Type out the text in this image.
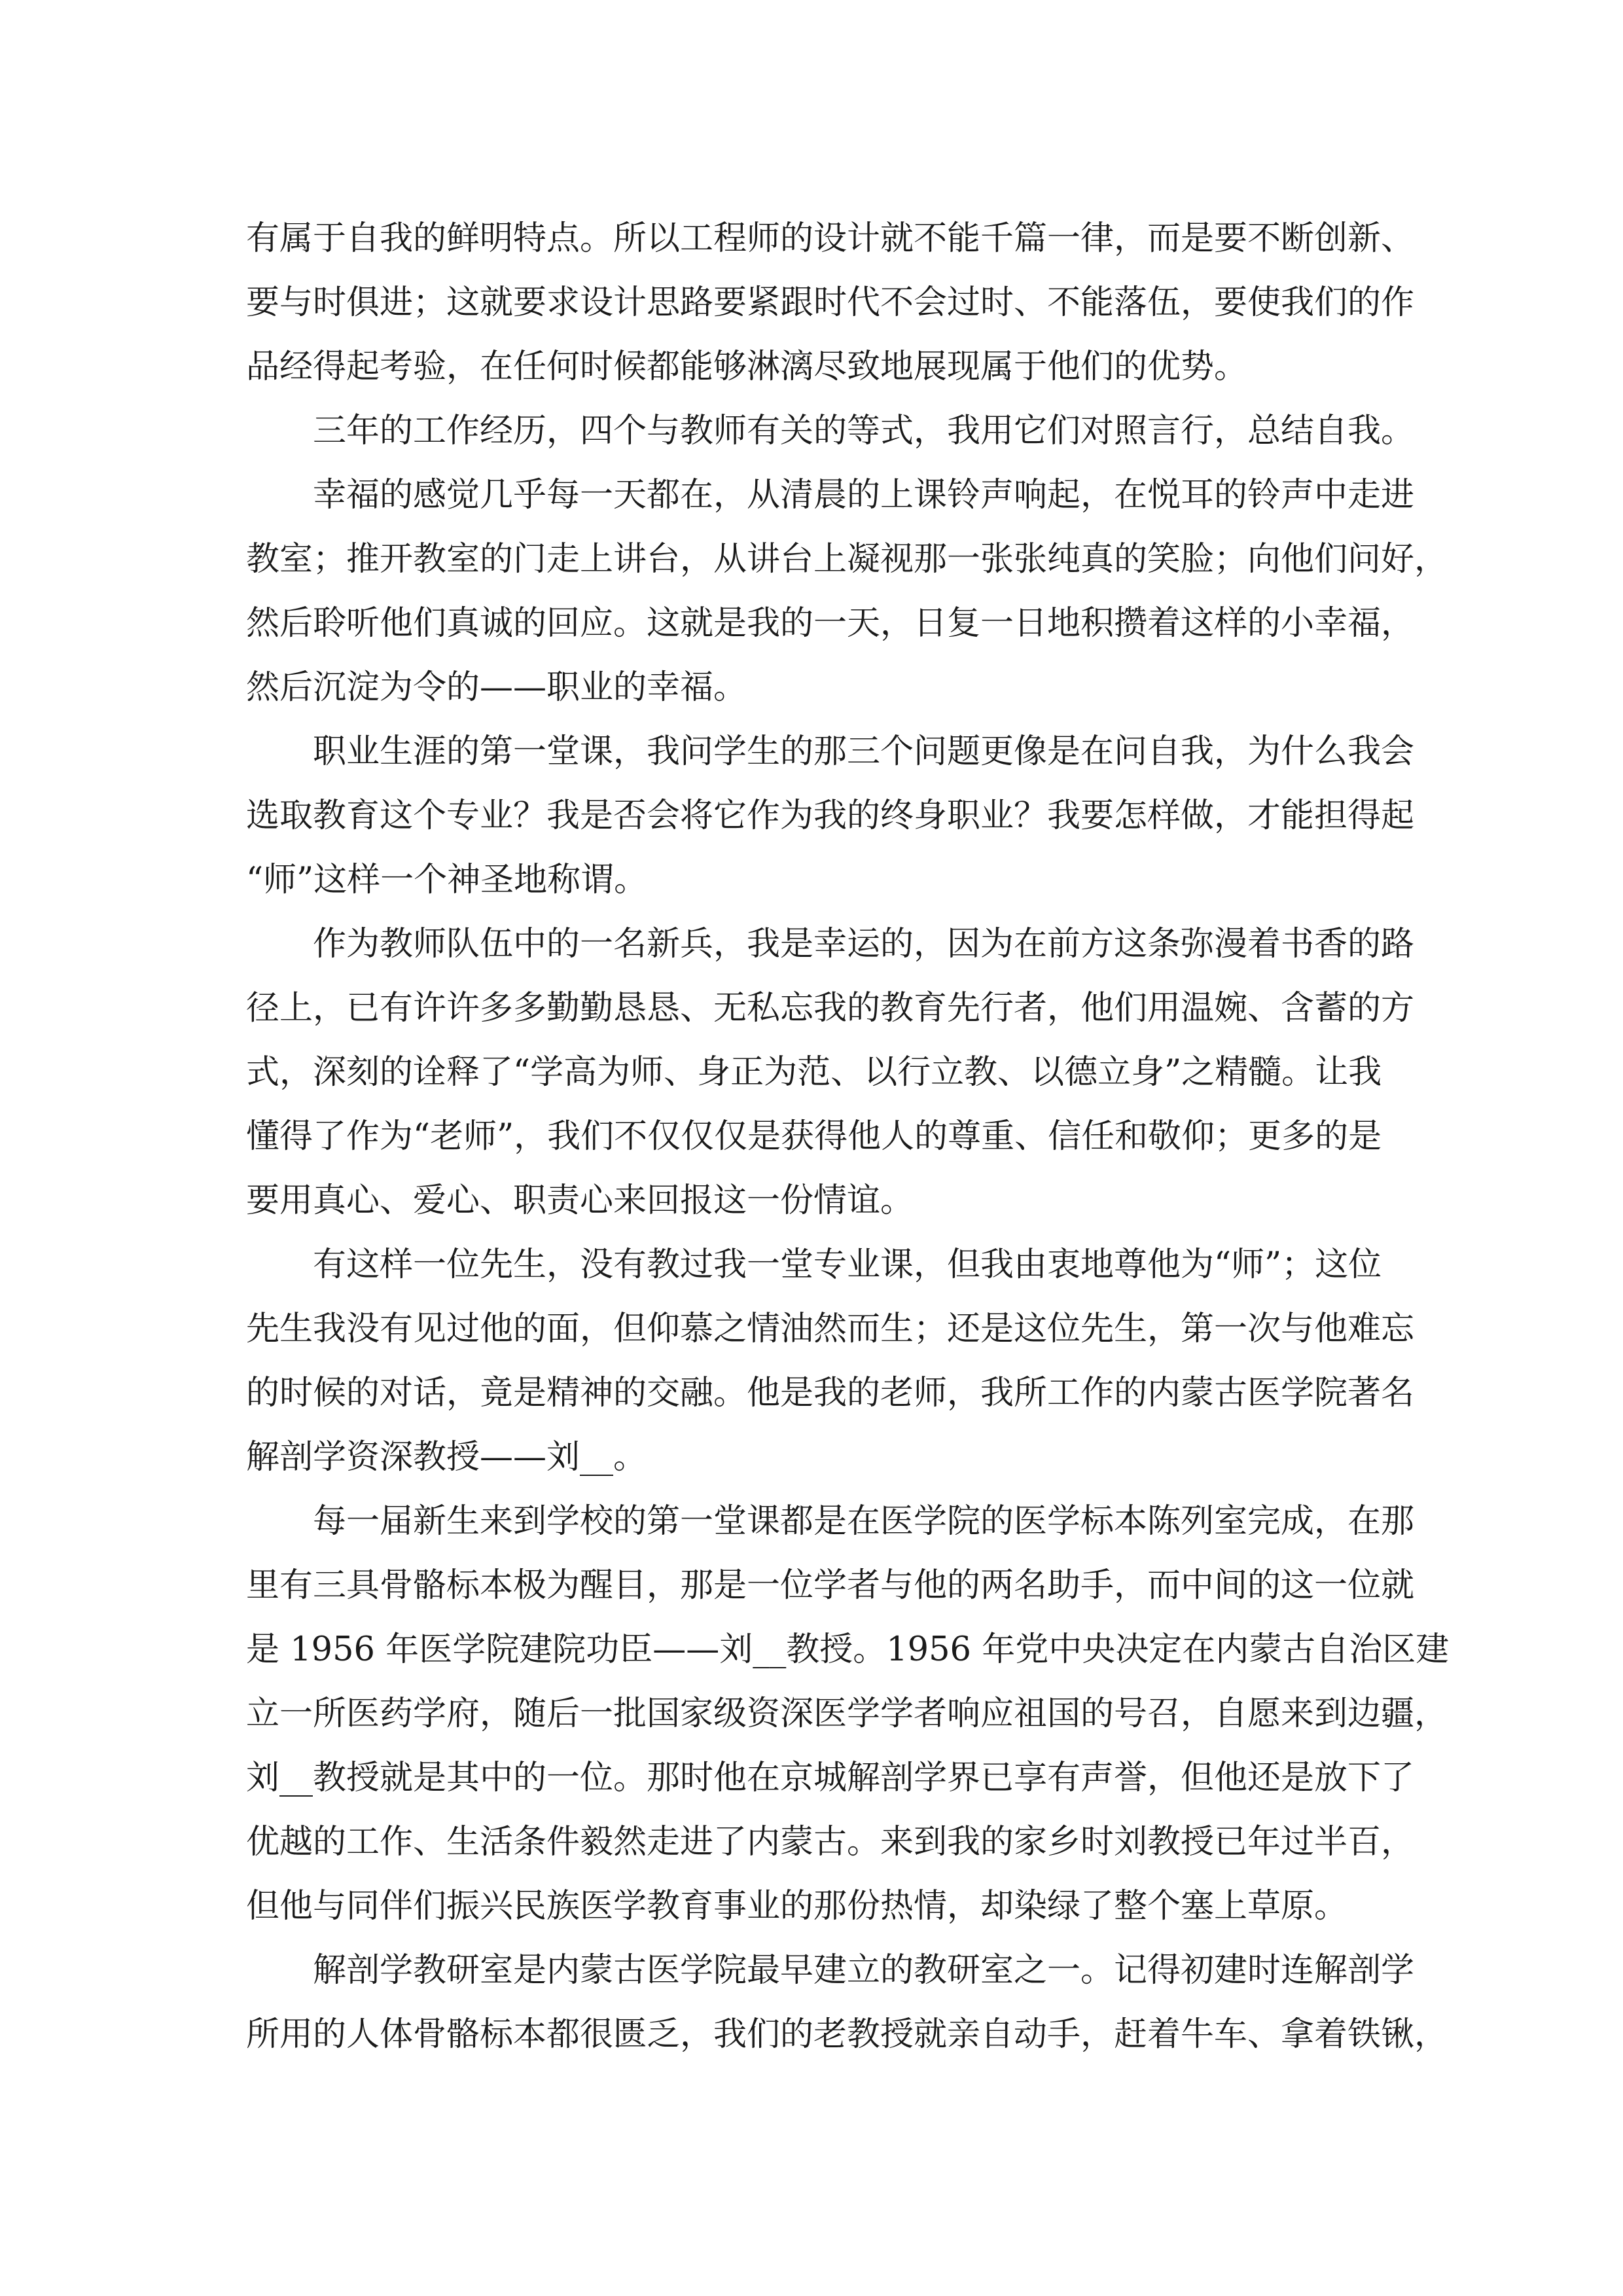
有属于自我的鲜明特点。所以工程师的设计就不能千篇一律，而是要不断创新、
要与时俱进；这就要求设计思路要紧跟时代不会过时、不能落伍，要使我们的作
品经得起考验，在任何时候都能够淋漓尽致地展现属于他们的优势。
　　三年的工作经历，四个与教师有关的等式，我用它们对照言行，总结自我。
　　幸福的感觉几乎每一天都在，从清晨的上课铃声响起，在悦耳的铃声中走进
教室；推开教室的门走上讲台，从讲台上凝视那一张张纯真的笑脸；向他们问好，
然后聆听他们真诚的回应。这就是我的一天，日复一日地积攒着这样的小幸福，
然后沉淀为令的——职业的幸福。
　　职业生涯的第一堂课，我问学生的那三个问题更像是在问自我，为什么我会
选取教育这个专业？我是否会将它作为我的终身职业？我要怎样做，才能担得起
“师”这样一个神圣地称谓。
　　作为教师队伍中的一名新兵，我是幸运的，因为在前方这条弥漫着书香的路
径上，已有许许多多勤勤恳恳、无私忘我的教育先行者，他们用温婉、含蓄的方
式，深刻的诠释了“学高为师、身正为范、以行立教、以德立身”之精髓。让我
懂得了作为“老师”，我们不仅仅仅是获得他人的尊重、信任和敬仰；更多的是
要用真心、爱心、职责心来回报这一份情谊。
　　有这样一位先生，没有教过我一堂专业课，但我由衷地尊他为“师”；这位
先生我没有见过他的面，但仰慕之情油然而生；还是这位先生，第一次与他难忘
的时候的对话，竟是精神的交融。他是我的老师，我所工作的内蒙古医学院著名
解剖学资深教授——刘__。
　　每一届新生来到学校的第一堂课都是在医学院的医学标本陈列室完成，在那
里有三具骨骼标本极为醒目，那是一位学者与他的两名助手，而中间的这一位就
是 1956 年医学院建院功臣——刘__教授。1956 年党中央决定在内蒙古自治区建
立一所医药学府，随后一批国家级资深医学学者响应祖国的号召，自愿来到边疆，
刘__教授就是其中的一位。那时他在京城解剖学界已享有声誉，但他还是放下了
优越的工作、生活条件毅然走进了内蒙古。来到我的家乡时刘教授已年过半百，
但他与同伴们振兴民族医学教育事业的那份热情，却染绿了整个塞上草原。
　　解剖学教研室是内蒙古医学院最早建立的教研室之一。记得初建时连解剖学
所用的人体骨骼标本都很匮乏，我们的老教授就亲自动手，赶着牛车、拿着铁锹，
